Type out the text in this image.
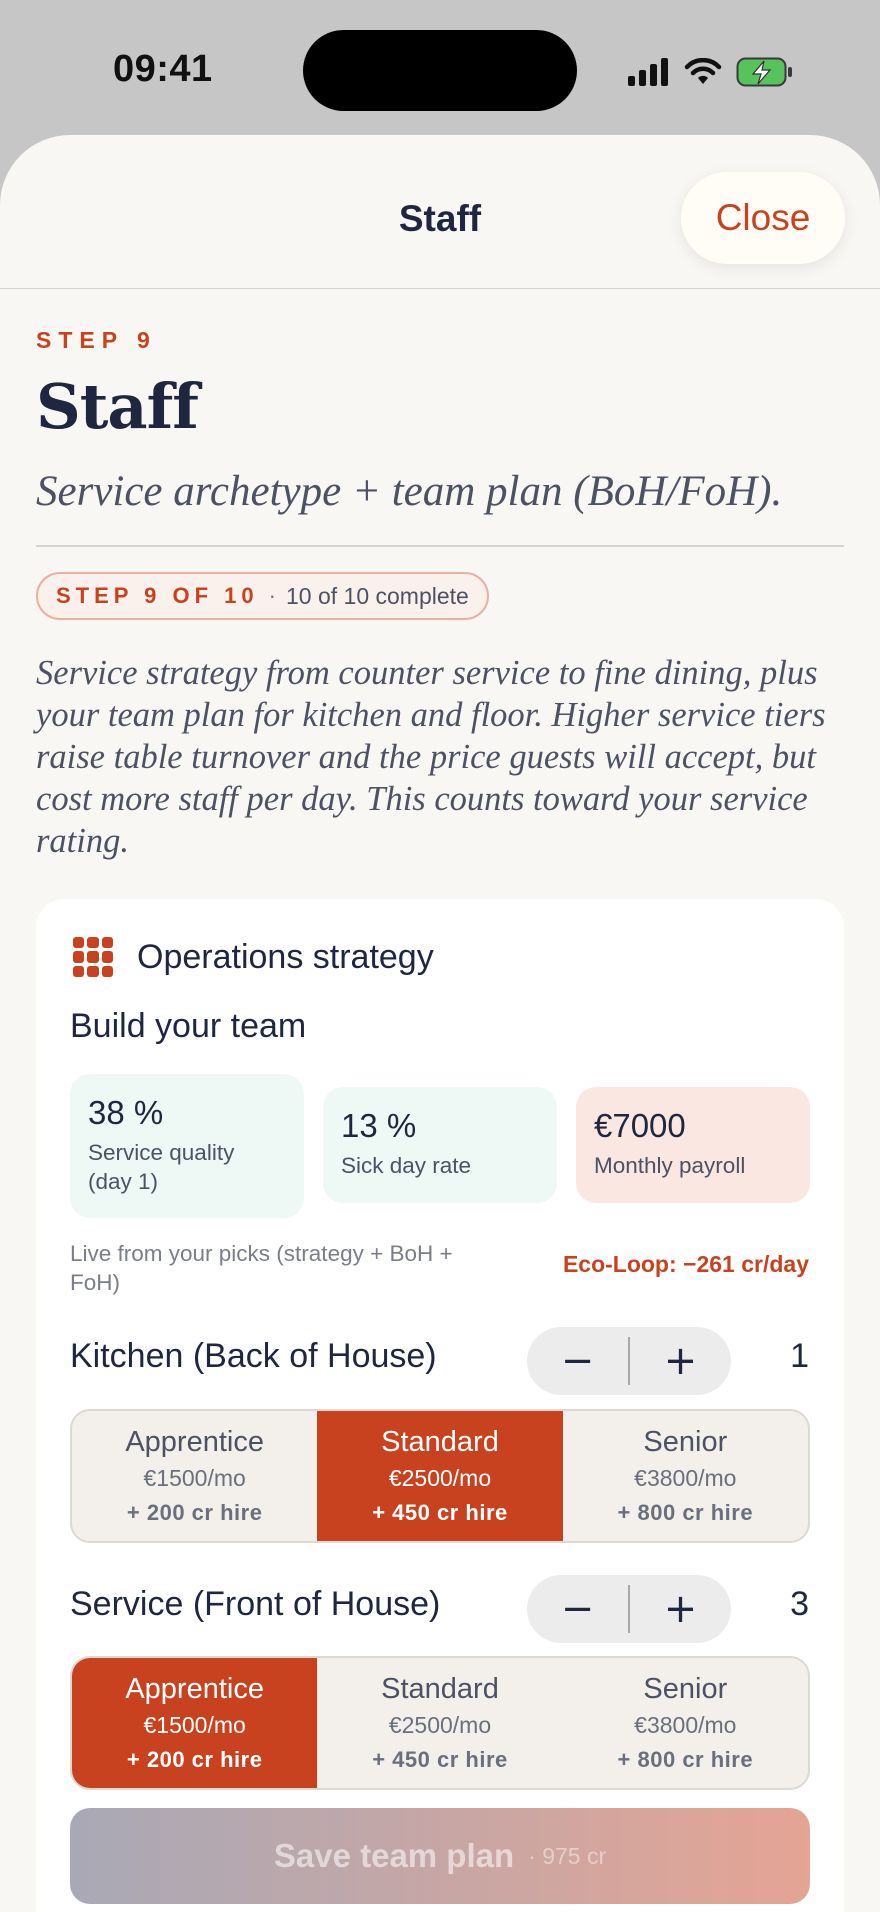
09:41
Staff	Close
STEP 9
Staff
Service archetype + team plan (BoH/FoH).
STEP 9 OF 10 · 10 of 10 complete

Service strategy from counter service to fine dining, plus your team plan for kitchen and floor. Higher service tiers raise table turnover and the price guests will accept, but cost more staff per day. This counts toward your service rating.

Operations strategy
Build your team
38 %
Service quality (day 1)
13 %
Sick day rate
€7000
Monthly payroll
Live from your picks (strategy + BoH + FoH)
Eco-Loop: −261 cr/day
Kitchen (Back of House)	−	+	1
Apprentice
€1500/mo
+ 200 cr hire
Standard
€2500/mo
+ 450 cr hire
Senior
€3800/mo
+ 800 cr hire
Service (Front of House)	−	+	3
Apprentice
€1500/mo
+ 200 cr hire
Standard
€2500/mo
+ 450 cr hire
Senior
€3800/mo
+ 800 cr hire
Save team plan · 975 cr
